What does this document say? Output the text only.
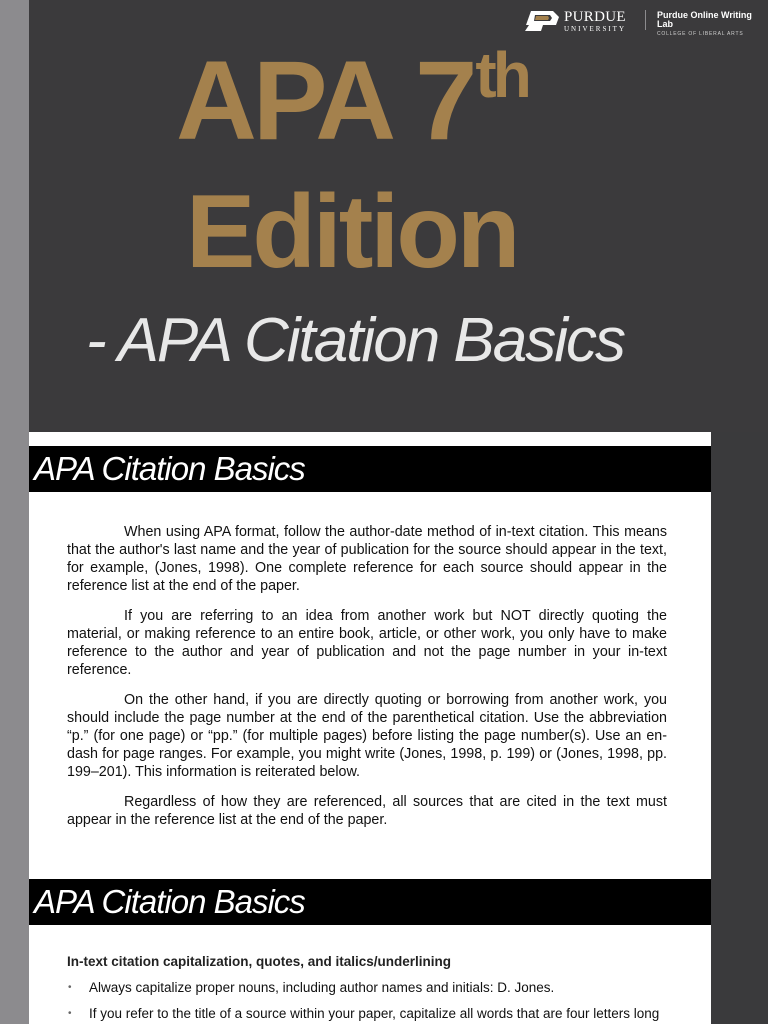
PURDUE
UNIVERSITY
Purdue Online Writing Lab
COLLEGE OF LIBERAL ARTS
APA 7th
Edition
- APA Citation Basics
APA Citation Basics

When using APA format, follow the author-date method of in-text citation. This means that the author's last name and the year of publication for the source should appear in the text, for example, (Jones, 1998). One complete reference for each source should appear in the reference list at the end of the paper.

If you are referring to an idea from another work but NOT directly quoting the material, or making reference to an entire book, article, or other work, you only have to make reference to the author and year of publication and not the page number in your in-text reference.

On the other hand, if you are directly quoting or borrowing from another work, you should include the page number at the end of the parenthetical citation. Use the abbreviation “p.” (for one page) or “pp.” (for multiple pages) before listing the page number(s). Use an en-dash for page ranges. For example, you might write (Jones, 1998, p. 199) or (Jones, 1998, pp. 199–201). This information is reiterated below.

Regardless of how they are referenced, all sources that are cited in the text must appear in the reference list at the end of the paper.

APA Citation Basics
In-text citation capitalization, quotes, and italics/underlining
• Always capitalize proper nouns, including author names and initials: D. Jones.
• If you refer to the title of a source within your paper, capitalize all words that are four letters long
